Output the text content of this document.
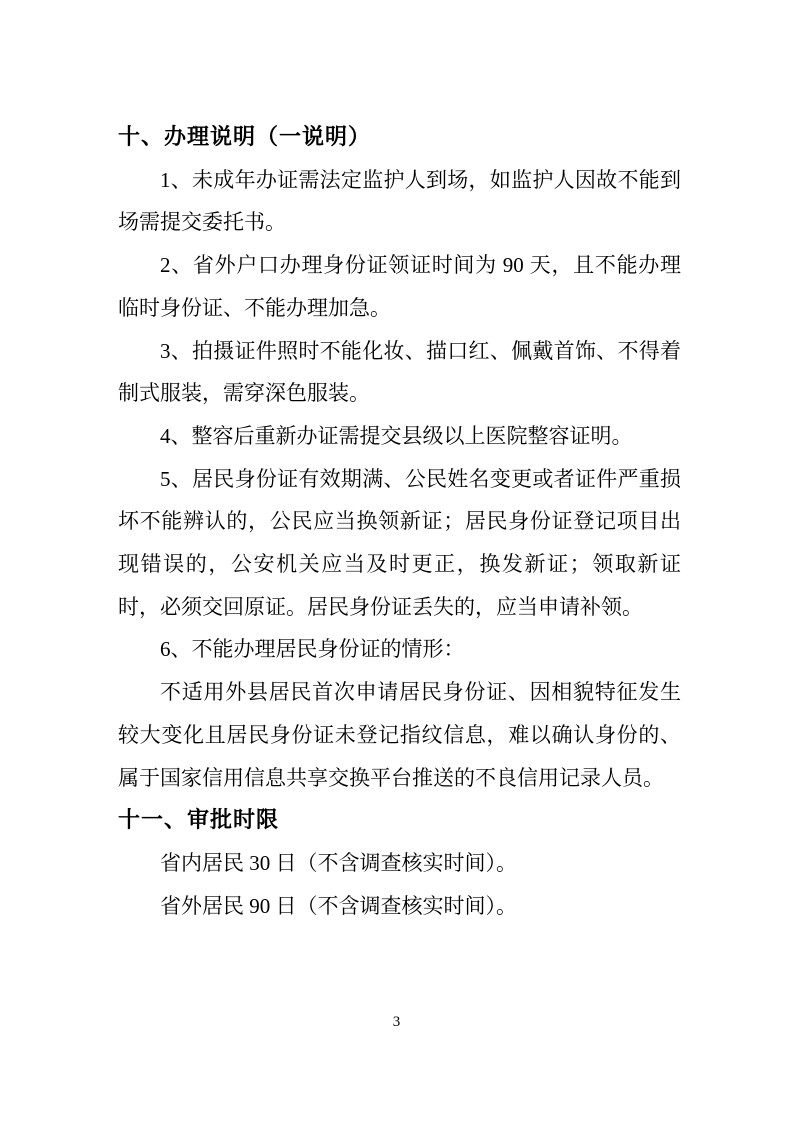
十、办理说明（一说明）

1、未成年办证需法定监护人到场，如监护人因故不能到场需提交委托书。

2、省外户口办理身份证领证时间为 90 天，且不能办理临时身份证、不能办理加急。

3、拍摄证件照时不能化妆、描口红、佩戴首饰、不得着制式服装，需穿深色服装。

4、整容后重新办证需提交县级以上医院整容证明。

5、居民身份证有效期满、公民姓名变更或者证件严重损坏不能辨认的，公民应当换领新证；居民身份证登记项目出现错误的，公安机关应当及时更正，换发新证；领取新证时，必须交回原证。居民身份证丢失的，应当申请补领。

6、不能办理居民身份证的情形：

不适用外县居民首次申请居民身份证、因相貌特征发生较大变化且居民身份证未登记指纹信息，难以确认身份的、属于国家信用信息共享交换平台推送的不良信用记录人员。

十一、审批时限

省内居民 30 日（不含调查核实时间）。

省外居民 90 日（不含调查核实时间）。

3
